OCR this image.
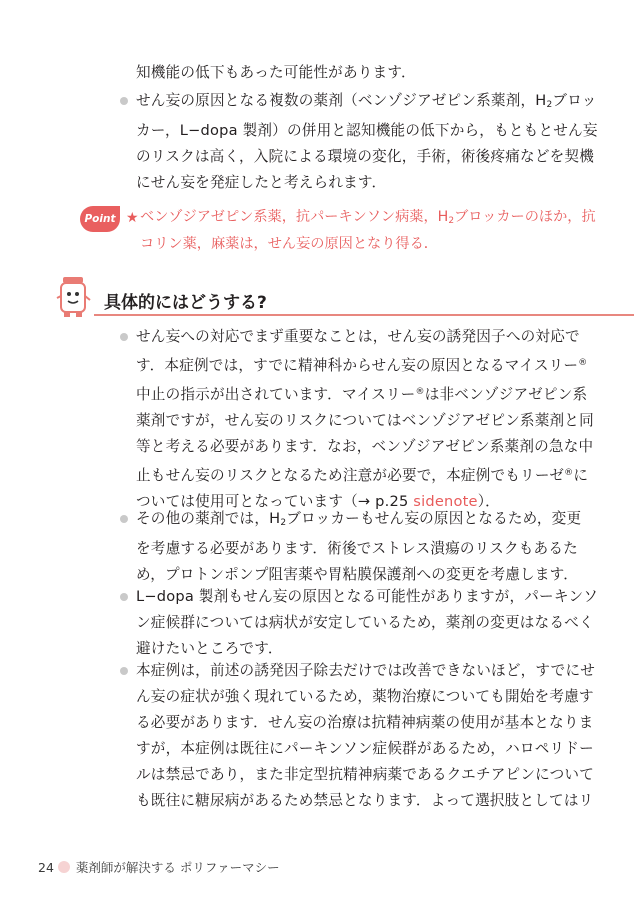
知機能の低下もあった可能性があります．

せん妄の原因となる複数の薬剤（ベンゾジアゼピン系薬剤，$H_2$ブロッ

カー，L−dopa 製剤）の併用と認知機能の低下から，もともとせん妄

のリスクは高く，入院による環境の変化，手術，術後疼痛などを契機

にせん妄を発症したと考えられます．

Point ★ ベンゾジアゼピン系薬，抗パーキンソン病薬，$H_2$ブロッカーのほか，抗
コリン薬，麻薬は，せん妄の原因となり得る．
具体的にはどうする?

せん妄への対応でまず重要なことは，せん妄の誘発因子への対応で

す．本症例では，すでに精神科からせん妄の原因となるマイスリー®

中止の指示が出されています．マイスリー®は非ベンゾジアゼピン系

薬剤ですが，せん妄のリスクについてはベンゾジアゼピン系薬剤と同

等と考える必要があります．なお，ベンゾジアゼピン系薬剤の急な中

止もせん妄のリスクとなるため注意が必要で，本症例でもリーゼ®に

ついては使用可となっています（→ p.25 sidenote）．

その他の薬剤では，$H_2$ブロッカーもせん妄の原因となるため，変更

を考慮する必要があります．術後でストレス潰瘍のリスクもあるた

め，プロトンポンプ阻害薬や胃粘膜保護剤への変更を考慮します．

L−dopa 製剤もせん妄の原因となる可能性がありますが，パーキンソ

ン症候群については病状が安定しているため，薬剤の変更はなるべく

避けたいところです．

本症例は，前述の誘発因子除去だけでは改善できないほど，すでにせ

ん妄の症状が強く現れているため，薬物治療についても開始を考慮す

る必要があります．せん妄の治療は抗精神病薬の使用が基本となりま

すが，本症例は既往にパーキンソン症候群があるため，ハロペリドー

ルは禁忌であり，また非定型抗精神病薬であるクエチアピンについて

も既往に糖尿病があるため禁忌となります．よって選択肢としてはリ

24 薬剤師が解決する ポリファーマシー
